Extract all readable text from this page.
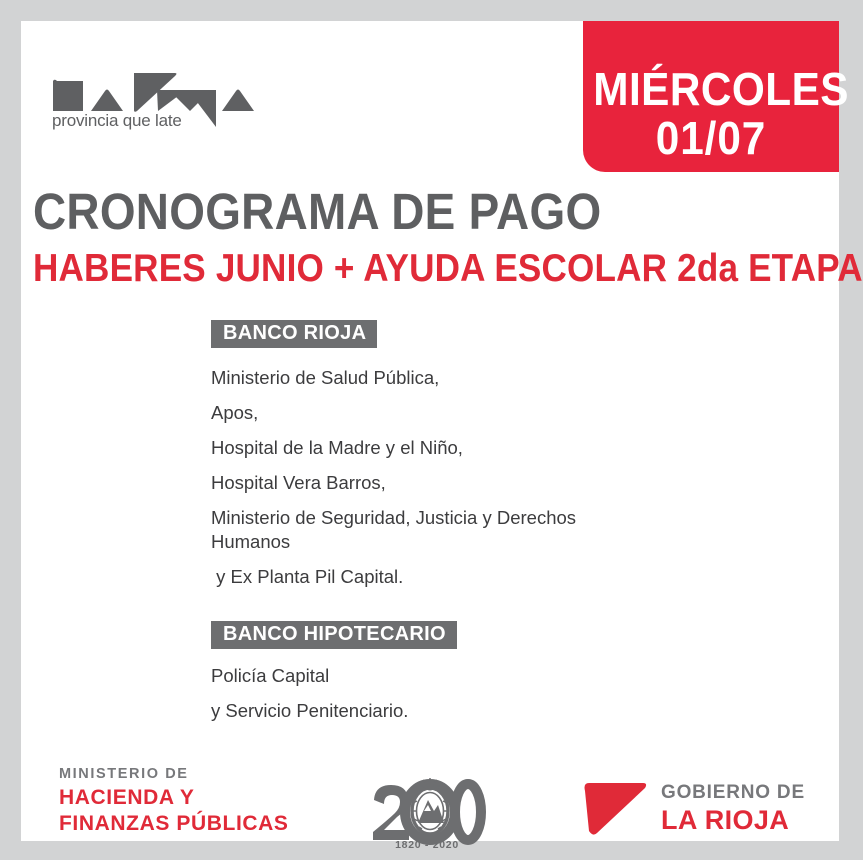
provincia que late
MIÉRCOLES
01/07
CRONOGRAMA DE PAGO
HABERES JUNIO + AYUDA ESCOLAR 2da ETAPA
BANCO RIOJA
Ministerio de Salud Pública,
Apos,
Hospital de la Madre y el Niño,
Hospital Vera Barros,
Ministerio de Seguridad, Justicia y Derechos Humanos
y Ex Planta Pil Capital.
BANCO HIPOTECARIO
Policía Capital
y Servicio Penitenciario.
MINISTERIO DE
HACIENDA Y
FINANZAS PÚBLICAS
1820 - 2020
GOBIERNO DE
LA RIOJA
